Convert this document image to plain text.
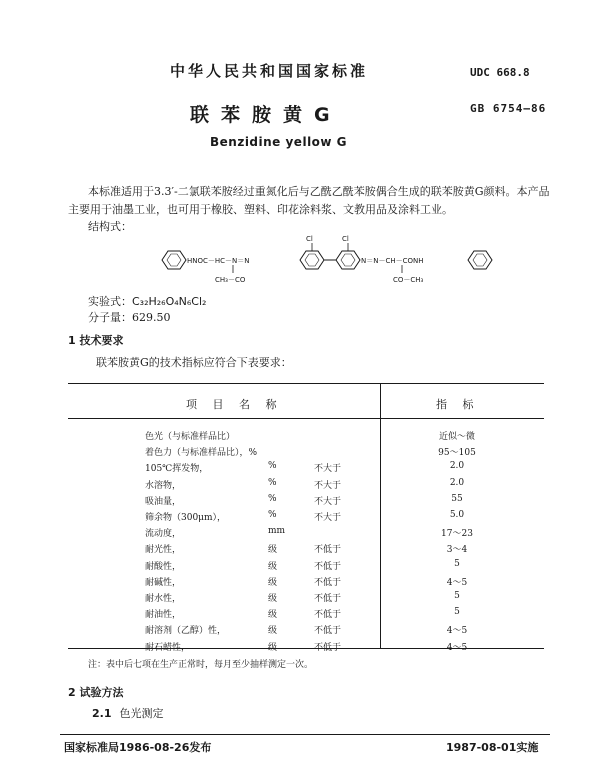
中华人民共和国国家标准	UDC 668.8
联苯胺黄G	GB 6754—86
Benzidine yellow G
本标准适用于3.3′-二氯联苯胺经过重氮化后与乙酰乙酰苯胺偶合生成的联苯胺黄G颜料。本产品
主要用于油墨工业，也可用于橡胶、塑料、印花涂料浆、文教用品及涂料工业。
结构式：
HNOC－HC－N＝N
CH₃－CO
Cl	Cl
N＝N－CH－CONH
CO－CH₃
实验式：C₃₂H₂₆O₄N₆Cl₂
分子量：629.50
1 技术要求
联苯胺黄G的技术指标应符合下表要求：
项 目 名 称	指 标
色光（与标准样品比）	近似～微
着色力（与标准样品比），%	95～105
105℃挥发物，	%	不大于	2.0
水溶物，	%	不大于	2.0
吸油量，	%	不大于	55
筛余物（300μm），	%	不大于	5.0
流动度，	mm	17～23
耐光性，	级	不低于	3～4
耐酸性，	级	不低于	5
耐碱性，	级	不低于	4～5
耐水性，	级	不低于	5
耐油性，	级	不低于	5
耐溶剂（乙醇）性，	级	不低于	4～5
耐石蜡性，	级	不低于	4～5
注：表中后七项在生产正常时，每月至少抽样测定一次。
2 试验方法
2.1 色光测定
国家标准局1986-08-26发布	1987-08-01实施
